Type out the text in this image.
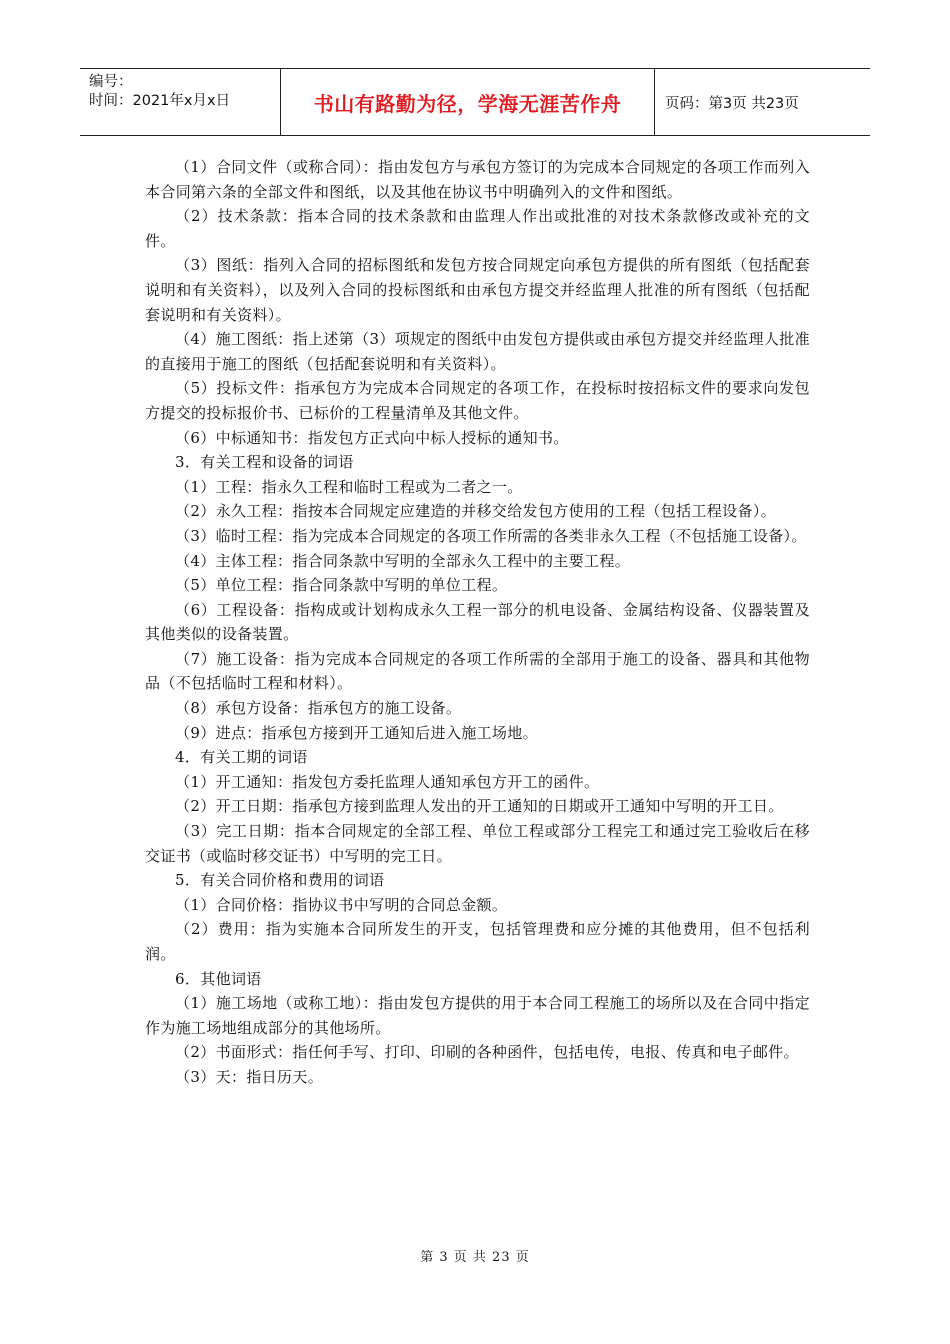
编号：
时间：2021年x月x日	书山有路勤为径，学海无涯苦作舟	页码：第3页 共23页

（1）合同文件（或称合同）：指由发包方与承包方签订的为完成本合同规定的各项工作而列入本合同第六条的全部文件和图纸，以及其他在协议书中明确列入的文件和图纸。

（2）技术条款：指本合同的技术条款和由监理人作出或批准的对技术条款修改或补充的文件。

（3）图纸：指列入合同的招标图纸和发包方按合同规定向承包方提供的所有图纸（包括配套说明和有关资料），以及列入合同的投标图纸和由承包方提交并经监理人批准的所有图纸（包括配套说明和有关资料）。

（4）施工图纸：指上述第（3）项规定的图纸中由发包方提供或由承包方提交并经监理人批准的直接用于施工的图纸（包括配套说明和有关资料）。

（5）投标文件：指承包方为完成本合同规定的各项工作，在投标时按招标文件的要求向发包方提交的投标报价书、已标价的工程量清单及其他文件。

（6）中标通知书：指发包方正式向中标人授标的通知书。

3．有关工程和设备的词语

（1）工程：指永久工程和临时工程或为二者之一。

（2）永久工程：指按本合同规定应建造的并移交给发包方使用的工程（包括工程设备）。

（3）临时工程：指为完成本合同规定的各项工作所需的各类非永久工程（不包括施工设备）。

（4）主体工程：指合同条款中写明的全部永久工程中的主要工程。

（5）单位工程：指合同条款中写明的单位工程。

（6）工程设备：指构成或计划构成永久工程一部分的机电设备、金属结构设备、仪器装置及其他类似的设备装置。

（7）施工设备：指为完成本合同规定的各项工作所需的全部用于施工的设备、器具和其他物品（不包括临时工程和材料）。

（8）承包方设备：指承包方的施工设备。

（9）进点：指承包方接到开工通知后进入施工场地。

4．有关工期的词语

（1）开工通知：指发包方委托监理人通知承包方开工的函件。

（2）开工日期：指承包方接到监理人发出的开工通知的日期或开工通知中写明的开工日。

（3）完工日期：指本合同规定的全部工程、单位工程或部分工程完工和通过完工验收后在移交证书（或临时移交证书）中写明的完工日。

5．有关合同价格和费用的词语

（1）合同价格：指协议书中写明的合同总金额。

（2）费用：指为实施本合同所发生的开支，包括管理费和应分摊的其他费用，但不包括利润。

6．其他词语

（1）施工场地（或称工地）：指由发包方提供的用于本合同工程施工的场所以及在合同中指定作为施工场地组成部分的其他场所。

（2）书面形式：指任何手写、打印、印刷的各种函件，包括电传，电报、传真和电子邮件。

（3）天：指日历天。

第 3 页 共 23 页
